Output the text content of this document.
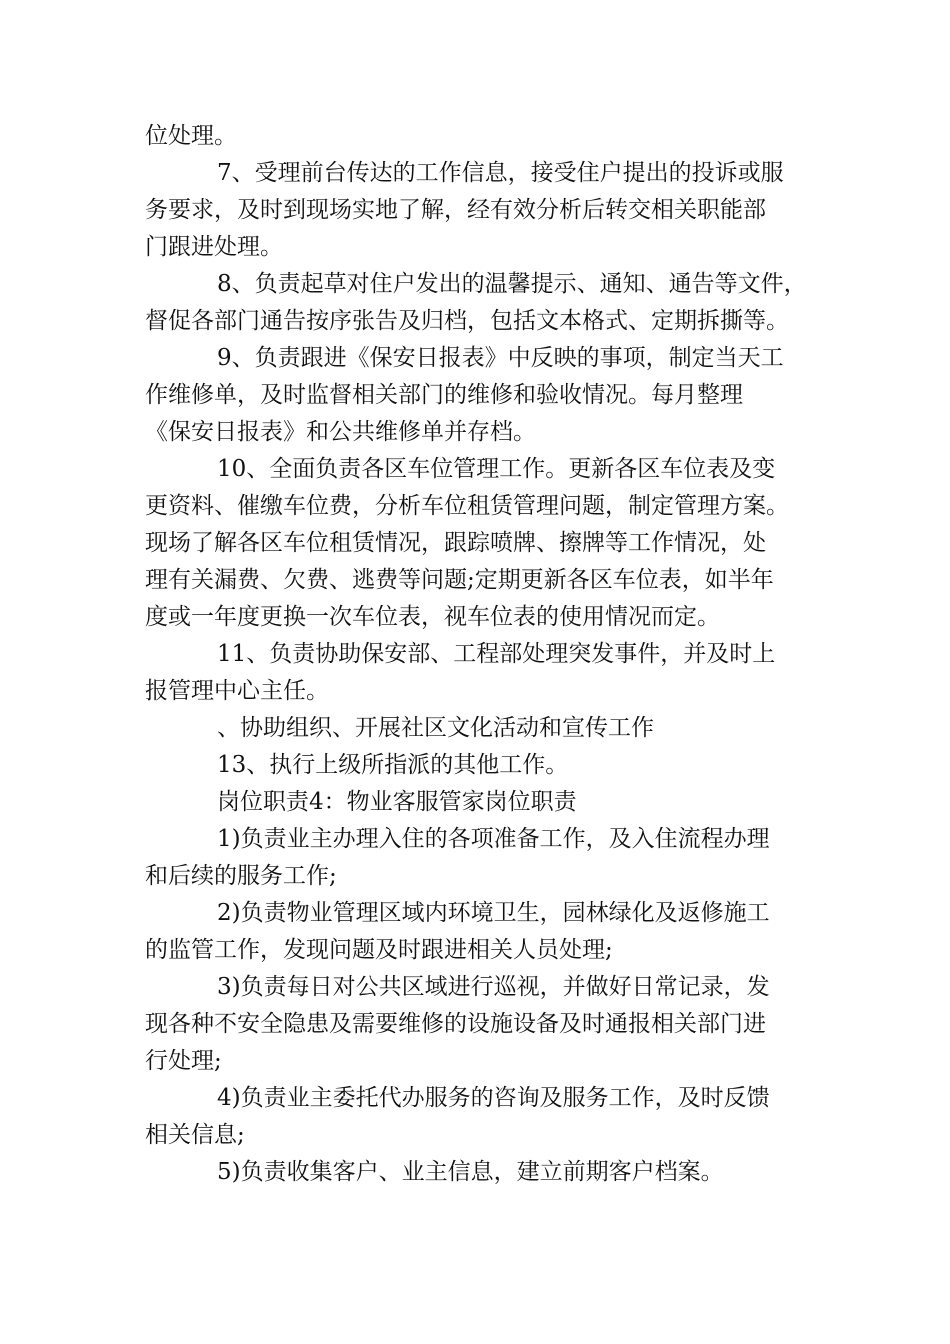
位处理。
7、受理前台传达的工作信息，接受住户提出的投诉或服
务要求，及时到现场实地了解，经有效分析后转交相关职能部
门跟进处理。
8、负责起草对住户发出的温馨提示、通知、通告等文件，
督促各部门通告按序张告及归档，包括文本格式、定期拆撕等。
9、负责跟进《保安日报表》中反映的事项，制定当天工
作维修单，及时监督相关部门的维修和验收情况。每月整理
《保安日报表》和公共维修单并存档。
10、全面负责各区车位管理工作。更新各区车位表及变
更资料、催缴车位费，分析车位租赁管理问题，制定管理方案。
现场了解各区车位租赁情况，跟踪喷牌、擦牌等工作情况，处
理有关漏费、欠费、逃费等问题;定期更新各区车位表，如半年
度或一年度更换一次车位表，视车位表的使用情况而定。
11、负责协助保安部、工程部处理突发事件，并及时上
报管理中心主任。
、协助组织、开展社区文化活动和宣传工作
13、执行上级所指派的其他工作。
岗位职责4：物业客服管家岗位职责
1)负责业主办理入住的各项准备工作，及入住流程办理
和后续的服务工作;
2)负责物业管理区域内环境卫生，园林绿化及返修施工
的监管工作，发现问题及时跟进相关人员处理;
3)负责每日对公共区域进行巡视，并做好日常记录，发
现各种不安全隐患及需要维修的设施设备及时通报相关部门进
行处理;
4)负责业主委托代办服务的咨询及服务工作，及时反馈
相关信息;
5)负责收集客户、业主信息，建立前期客户档案。
